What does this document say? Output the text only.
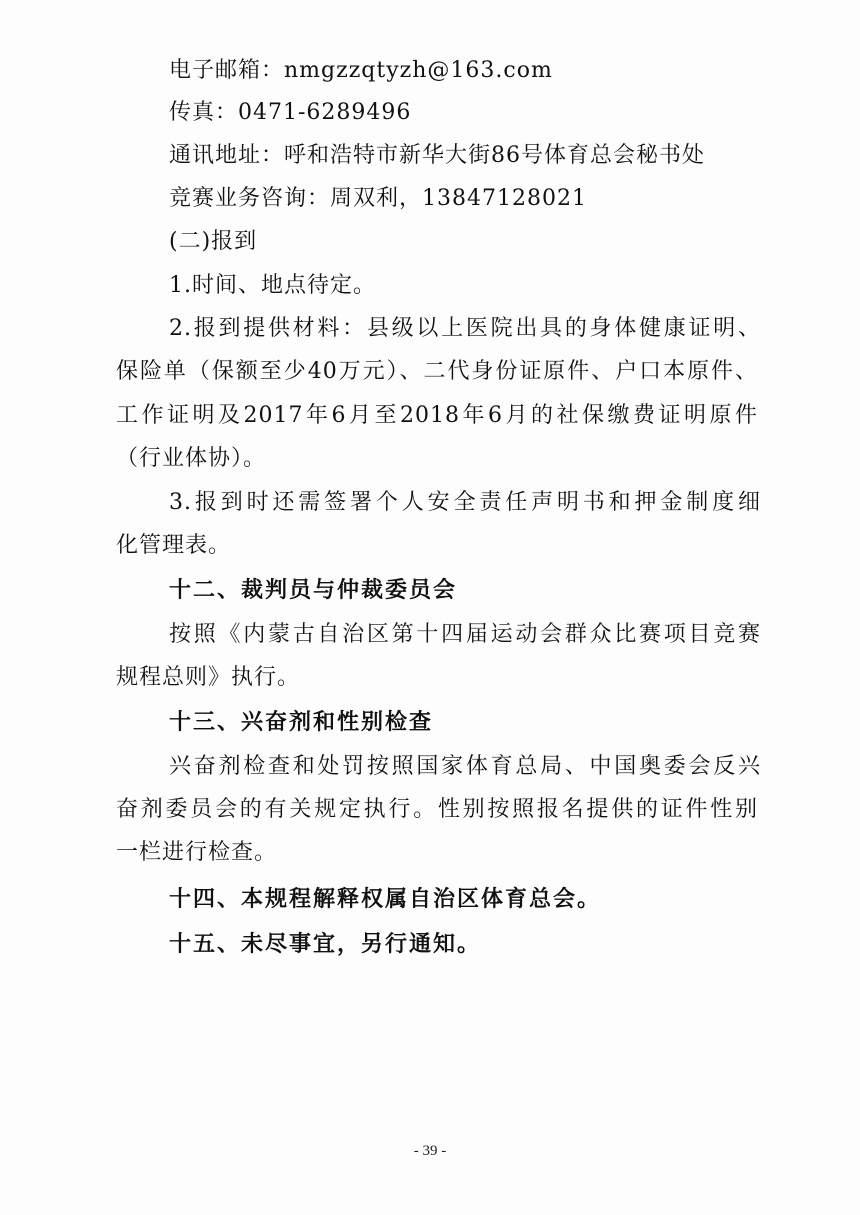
电子邮箱：nmgzzqtyzh@163.com
传真：0471-6289496
通讯地址：呼和浩特市新华大街86号体育总会秘书处
竞赛业务咨询：周双利，13847128021
(二)报到
1.时间、地点待定。
2.报到提供材料：县级以上医院出具的身体健康证明、
保险单（保额至少40万元）、二代身份证原件、户口本原件、
工作证明及2017年6月至2018年6月的社保缴费证明原件
（行业体协）。
3.报到时还需签署个人安全责任声明书和押金制度细
化管理表。
十二、裁判员与仲裁委员会
按照《内蒙古自治区第十四届运动会群众比赛项目竞赛
规程总则》执行。
十三、兴奋剂和性别检查
兴奋剂检查和处罚按照国家体育总局、中国奥委会反兴
奋剂委员会的有关规定执行。性别按照报名提供的证件性别
一栏进行检查。
十四、本规程解释权属自治区体育总会。
十五、未尽事宜，另行通知。
- 39 -
